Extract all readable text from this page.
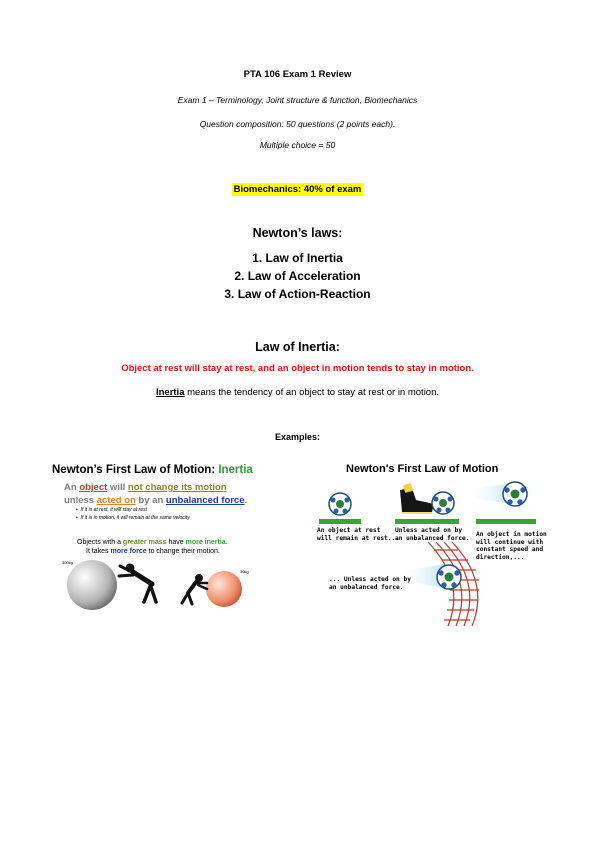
PTA 106 Exam 1 Review
Exam 1 – Terminology, Joint structure & function, Biomechanics
Question composition: 50 questions (2 points each).
Multiple choice = 50
Biomechanics: 40% of exam
Newton’s laws:
1. Law of Inertia
2. Law of Acceleration
3. Law of Action-Reaction
Law of Inertia:
Object at rest will stay at rest, and an object in motion tends to stay in motion.
Inertia means the tendency of an object to stay at rest or in motion.
Examples:
Newton’s First Law of Motion: Inertia
An object will not change its motion
unless acted on by an unbalanced force.
•  If it is at rest, it will stay at rest
•  If it is in motion, it will remain at the same velocity
Objects with a greater mass have more inertia.
It takes more force to change their motion.
300kg
30kg
Newton's First Law of Motion
An object at rest
will remain at rest...
Unless acted on by
an unbalanced force. An object in motion
will continue with
constant speed and
direction,...
... Unless acted on by
an unbalanced force.
